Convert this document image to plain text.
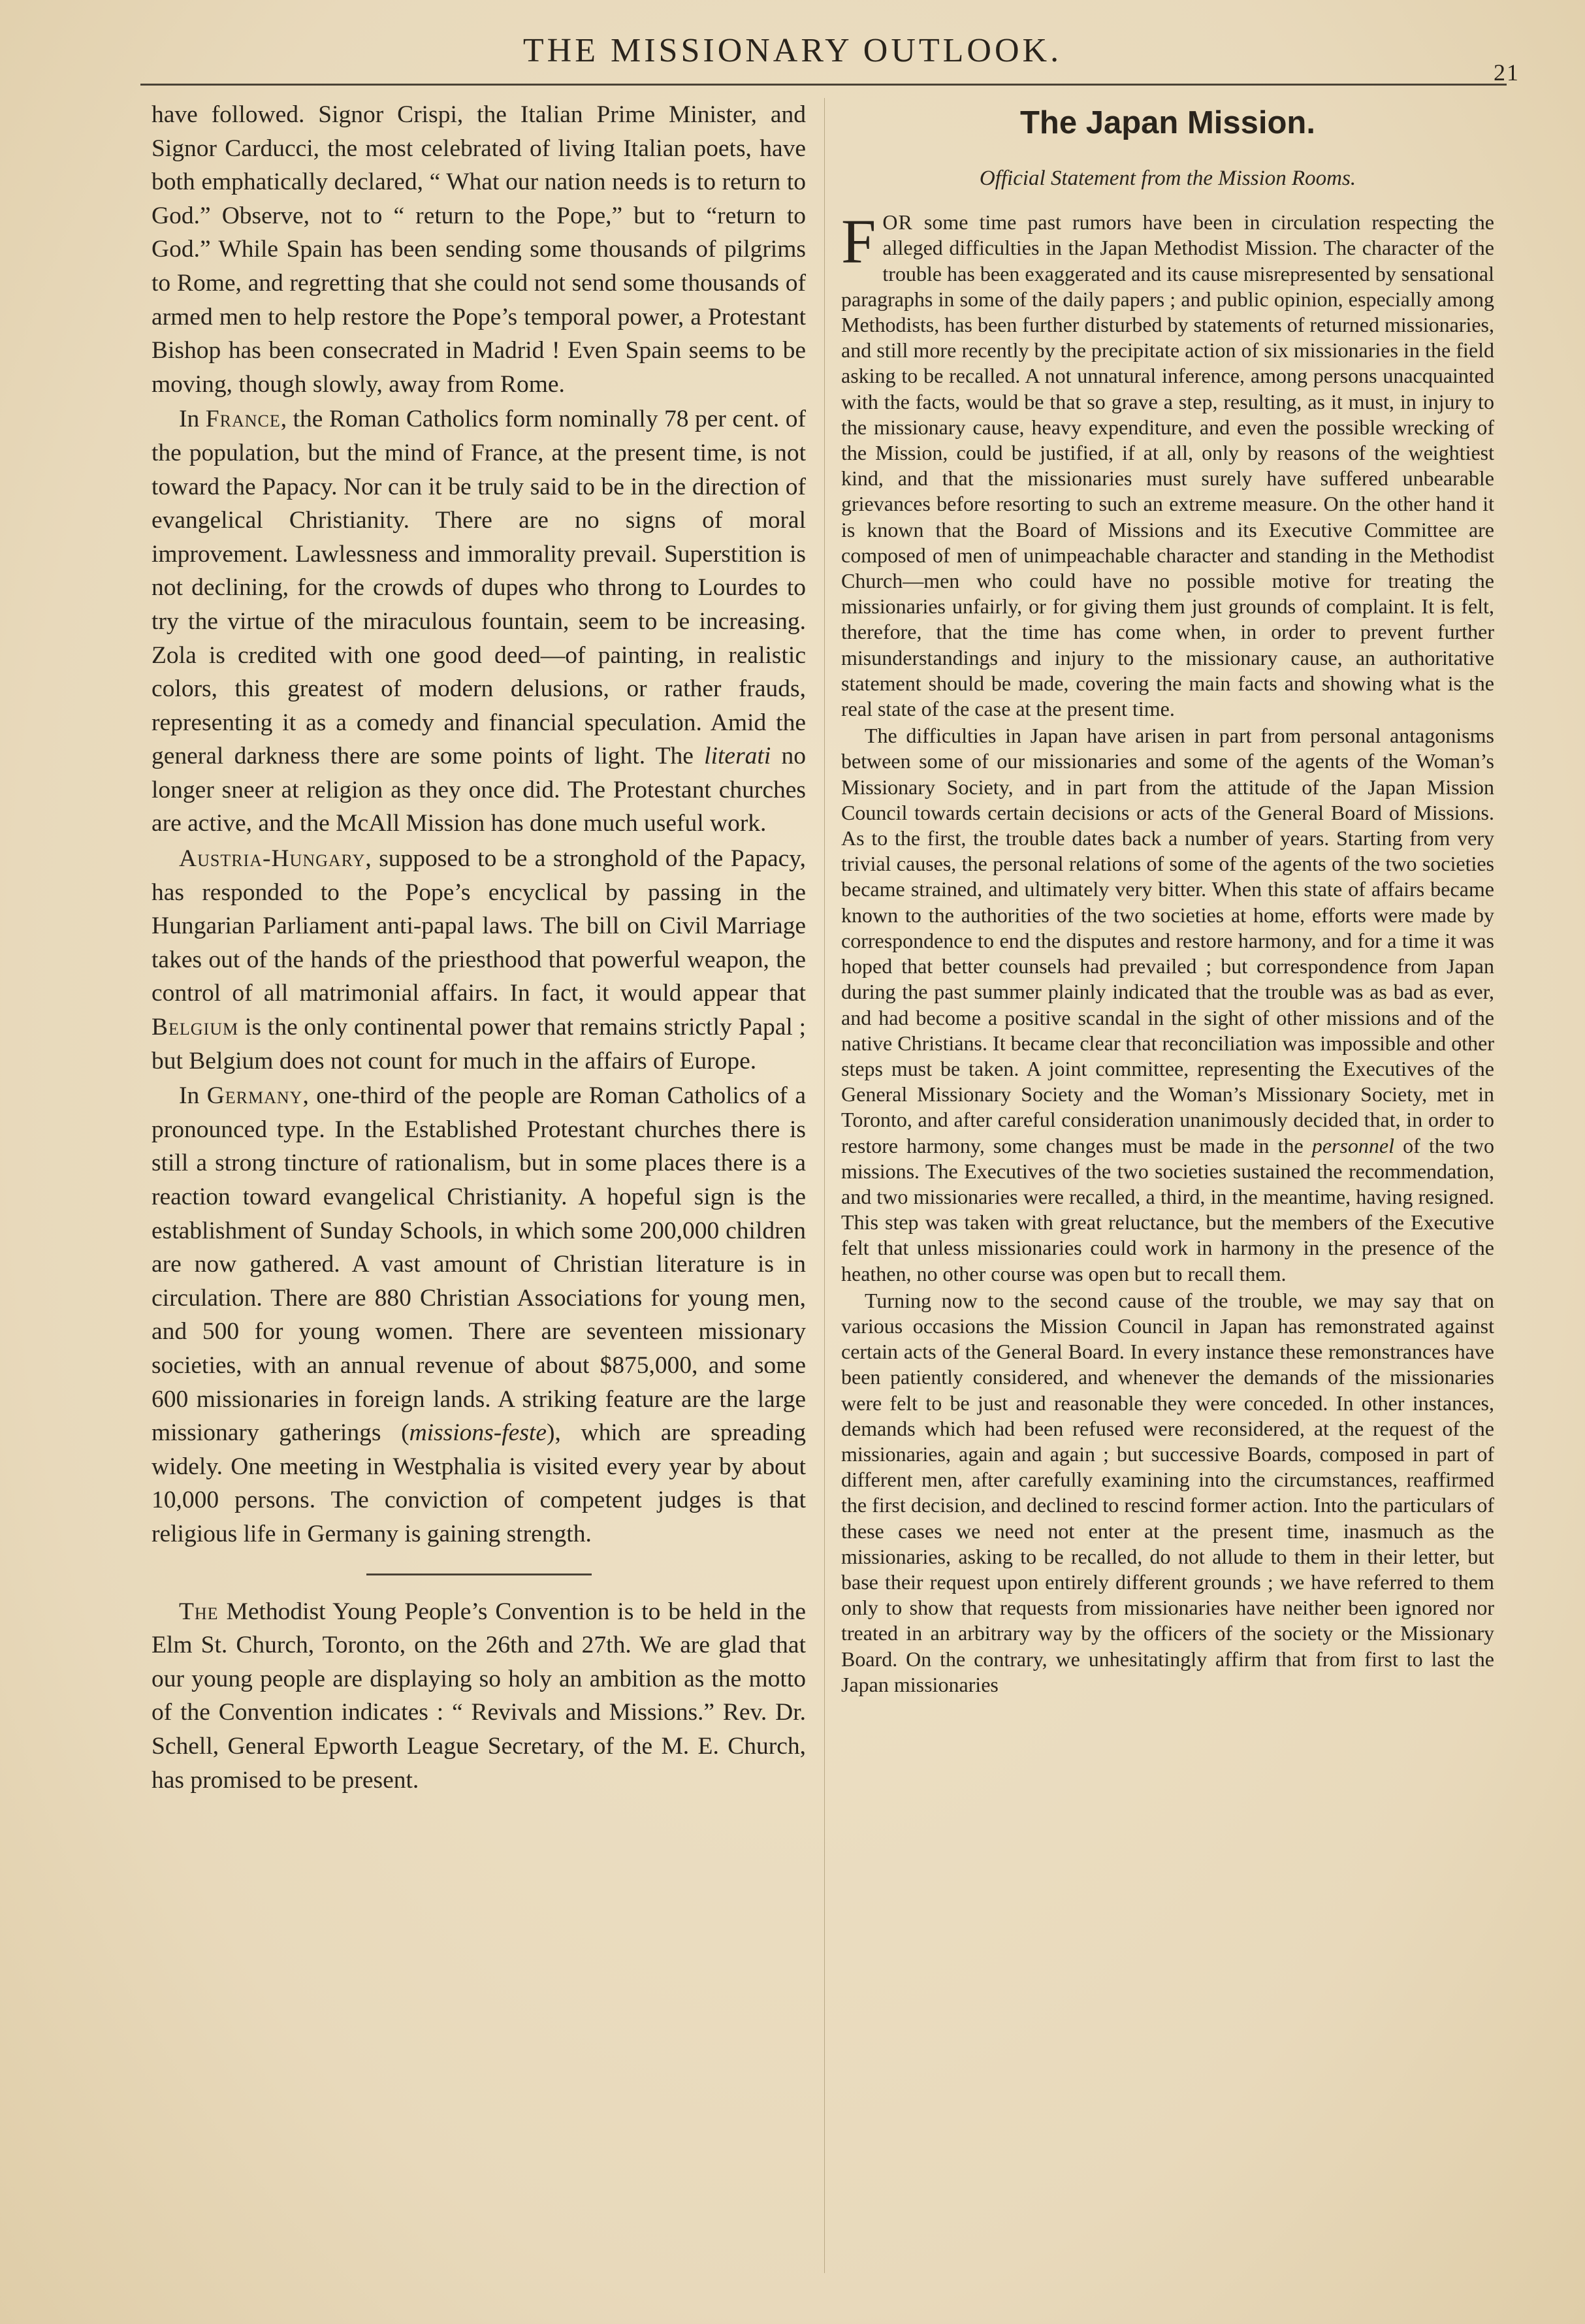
THE MISSIONARY OUTLOOK.
21

have followed. Signor Crispi, the Italian Prime Minister, and Signor Carducci, the most celebrated of living Italian poets, have both emphatically declared, “ What our nation needs is to return to God.” Observe, not to “ return to the Pope,” but to “return to God.” While Spain has been sending some thousands of pilgrims to Rome, and regretting that she could not send some thousands of armed men to help restore the Pope’s temporal power, a Protestant Bishop has been consecrated in Madrid ! Even Spain seems to be moving, though slowly, away from Rome.

In France, the Roman Catholics form nominally 78 per cent. of the population, but the mind of France, at the present time, is not toward the Papacy. Nor can it be truly said to be in the direction of evangelical Christianity. There are no signs of moral improvement. Lawlessness and immorality prevail. Superstition is not declining, for the crowds of dupes who throng to Lourdes to try the virtue of the miraculous fountain, seem to be increasing. Zola is credited with one good deed—of painting, in realistic colors, this greatest of modern delusions, or rather frauds, representing it as a comedy and financial speculation. Amid the general darkness there are some points of light. The literati no longer sneer at religion as they once did. The Protestant churches are active, and the McAll Mission has done much useful work.

Austria-Hungary, supposed to be a stronghold of the Papacy, has responded to the Pope’s encyclical by passing in the Hungarian Parliament anti-papal laws. The bill on Civil Marriage takes out of the hands of the priesthood that powerful weapon, the control of all matrimonial affairs. In fact, it would appear that Belgium is the only continental power that remains strictly Papal ; but Belgium does not count for much in the affairs of Europe.

In Germany, one-third of the people are Roman Catholics of a pronounced type. In the Established Protestant churches there is still a strong tincture of rationalism, but in some places there is a reaction toward evangelical Christianity. A hopeful sign is the establishment of Sunday Schools, in which some 200,000 children are now gathered. A vast amount of Christian literature is in circulation. There are 880 Christian Associations for young men, and 500 for young women. There are seventeen missionary societies, with an annual revenue of about $875,000, and some 600 missionaries in foreign lands. A striking feature are the large missionary gatherings (missions-feste), which are spreading widely. One meeting in Westphalia is visited every year by about 10,000 persons. The conviction of competent judges is that religious life in Germany is gaining strength.

The Methodist Young People’s Convention is to be held in the Elm St. Church, Toronto, on the 26th and 27th. We are glad that our young people are displaying so holy an ambition as the motto of the Convention indicates : “ Revivals and Missions.” Rev. Dr. Schell, General Epworth League Secretary, of the M. E. Church, has promised to be present.

The Japan Mission.
Official Statement from the Mission Rooms.

FOR some time past rumors have been in circulation respecting the alleged difficulties in the Japan Methodist Mission. The character of the trouble has been exaggerated and its cause misrepresented by sensational paragraphs in some of the daily papers ; and public opinion, especially among Methodists, has been further disturbed by statements of returned missionaries, and still more recently by the precipitate action of six missionaries in the field asking to be recalled. A not unnatural inference, among persons unacquainted with the facts, would be that so grave a step, resulting, as it must, in injury to the missionary cause, heavy expenditure, and even the possible wrecking of the Mission, could be justified, if at all, only by reasons of the weightiest kind, and that the missionaries must surely have suffered unbearable grievances before resorting to such an extreme measure. On the other hand it is known that the Board of Missions and its Executive Committee are composed of men of unimpeachable character and standing in the Methodist Church—men who could have no possible motive for treating the missionaries unfairly, or for giving them just grounds of complaint. It is felt, therefore, that the time has come when, in order to prevent further misunderstandings and injury to the missionary cause, an authoritative statement should be made, covering the main facts and showing what is the real state of the case at the present time.

The difficulties in Japan have arisen in part from personal antagonisms between some of our missionaries and some of the agents of the Woman’s Missionary Society, and in part from the attitude of the Japan Mission Council towards certain decisions or acts of the General Board of Missions. As to the first, the trouble dates back a number of years. Starting from very trivial causes, the personal relations of some of the agents of the two societies became strained, and ultimately very bitter. When this state of affairs became known to the authorities of the two societies at home, efforts were made by correspondence to end the disputes and restore harmony, and for a time it was hoped that better counsels had prevailed ; but correspondence from Japan during the past summer plainly indicated that the trouble was as bad as ever, and had become a positive scandal in the sight of other missions and of the native Christians. It became clear that reconciliation was impossible and other steps must be taken. A joint committee, representing the Executives of the General Missionary Society and the Woman’s Missionary Society, met in Toronto, and after careful consideration unanimously decided that, in order to restore harmony, some changes must be made in the personnel of the two missions. The Executives of the two societies sustained the recommendation, and two missionaries were recalled, a third, in the meantime, having resigned. This step was taken with great reluctance, but the members of the Executive felt that unless missionaries could work in harmony in the presence of the heathen, no other course was open but to recall them.

Turning now to the second cause of the trouble, we may say that on various occasions the Mission Council in Japan has remonstrated against certain acts of the General Board. In every instance these remonstrances have been patiently considered, and whenever the demands of the missionaries were felt to be just and reasonable they were conceded. In other instances, demands which had been refused were reconsidered, at the request of the missionaries, again and again ; but successive Boards, composed in part of different men, after carefully examining into the circumstances, reaffirmed the first decision, and declined to rescind former action. Into the particulars of these cases we need not enter at the present time, inasmuch as the missionaries, asking to be recalled, do not allude to them in their letter, but base their request upon entirely different grounds ; we have referred to them only to show that requests from missionaries have neither been ignored nor treated in an arbitrary way by the officers of the society or the Missionary Board. On the contrary, we unhesitatingly affirm that from first to last the Japan missionaries
